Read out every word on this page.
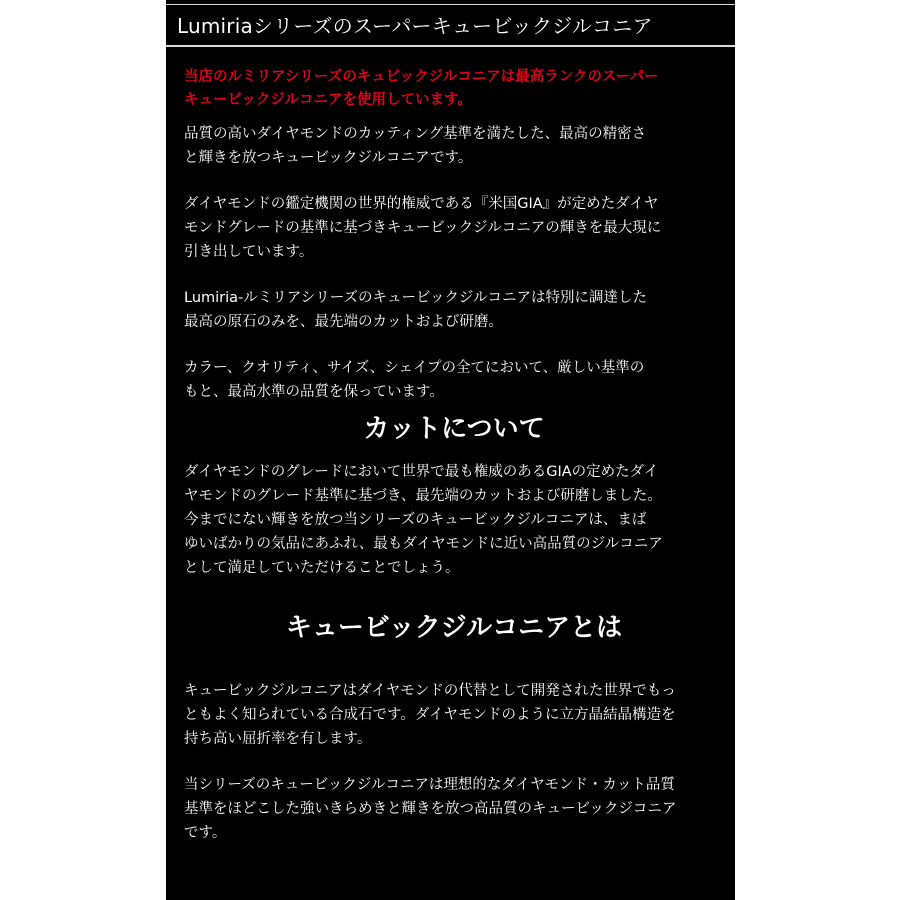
Lumiriaシリーズのスーパーキュービックジルコニア

当店のルミリアシリーズのキュビックジルコニアは最高ランクのスーパー
キュービックジルコニアを使用しています。

品質の高いダイヤモンドのカッティング基準を満たした、最高の精密さ
と輝きを放つキュービックジルコニアです。

ダイヤモンドの鑑定機関の世界的権威である『米国GIA』が定めたダイヤ
モンドグレードの基準に基づきキュービックジルコニアの輝きを最大現に
引き出しています。

Lumiria-ルミリアシリーズのキュービックジルコニアは特別に調達した
最高の原石のみを、最先端のカットおよび研磨。

カラー、クオリティ、サイズ、シェイプの全てにおいて、厳しい基準の
もと、最高水準の品質を保っています。

カットについて

ダイヤモンドのグレードにおいて世界で最も権威のあるGIAの定めたダイ
ヤモンドのグレード基準に基づき、最先端のカットおよび研磨しました。
今までにない輝きを放つ当シリーズのキュービックジルコニアは、まば
ゆいばかりの気品にあふれ、最もダイヤモンドに近い高品質のジルコニア
として満足していただけることでしょう。

キュービックジルコニアとは

キュービックジルコニアはダイヤモンドの代替として開発された世界でもっ
ともよく知られている合成石です。ダイヤモンドのように立方晶結晶構造を
持ち高い屈折率を有します。

当シリーズのキュービックジルコニアは理想的なダイヤモンド・カット品質
基準をほどこした強いきらめきと輝きを放つ高品質のキュービックジコニア
です。
